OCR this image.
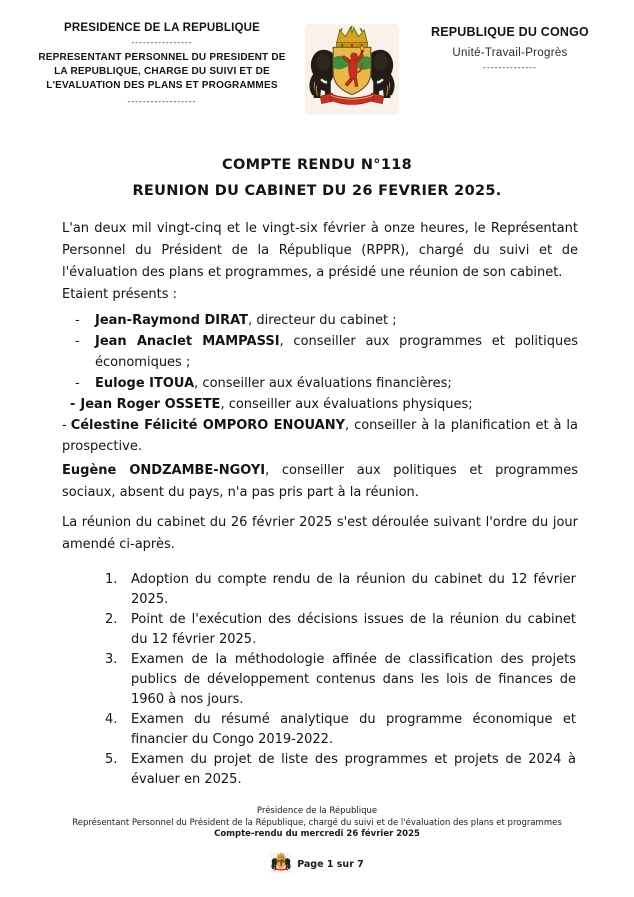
PRESIDENCE DE LA REPUBLIQUE
----------------
REPRESENTANT PERSONNEL DU PRESIDENT DE LA REPUBLIQUE, CHARGE DU SUIVI ET DE L'EVALUATION DES PLANS ET PROGRAMMES
------------------
REPUBLIQUE DU CONGO
Unité-Travail-Progrès
--------------
COMPTE RENDU N°118
REUNION DU CABINET DU 26 FEVRIER 2025.

L'an deux mil vingt-cinq et le vingt-six février à onze heures, le Représentant Personnel du Président de la République (RPPR), chargé du suivi et de l'évaluation des plans et programmes, a présidé une réunion de son cabinet.

Etaient présents :

-	Jean-Raymond DIRAT, directeur du cabinet ;
-	Jean Anaclet MAMPASSI, conseiller aux programmes et politiques économiques ;
-	Euloge ITOUA, conseiller aux évaluations financières;
- Jean Roger OSSETE, conseiller aux évaluations physiques;
- Célestine Félicité OMPORO ENOUANY, conseiller à la planification et à la prospective.

Eugène ONDZAMBE-NGOYI, conseiller aux politiques et programmes sociaux, absent du pays, n'a pas pris part à la réunion.

La réunion du cabinet du 26 février 2025 s'est déroulée suivant l'ordre du jour amendé ci-après.

1.	Adoption du compte rendu de la réunion du cabinet du 12 février 2025.
2.	Point de l'exécution des décisions issues de la réunion du cabinet du 12 février 2025.
3.	Examen de la méthodologie affinée de classification des projets publics de développement contenus dans les lois de finances de 1960 à nos jours.
4.	Examen du résumé analytique du programme économique et financier du Congo 2019-2022.
5.	Examen du projet de liste des programmes et projets de 2024 à évaluer en 2025.
Présidence de la République
Représentant Personnel du Président de la République, chargé du suivi et de l'évaluation des plans et programmes
Compte-rendu du mercredi 26 février 2025
Page 1 sur 7
